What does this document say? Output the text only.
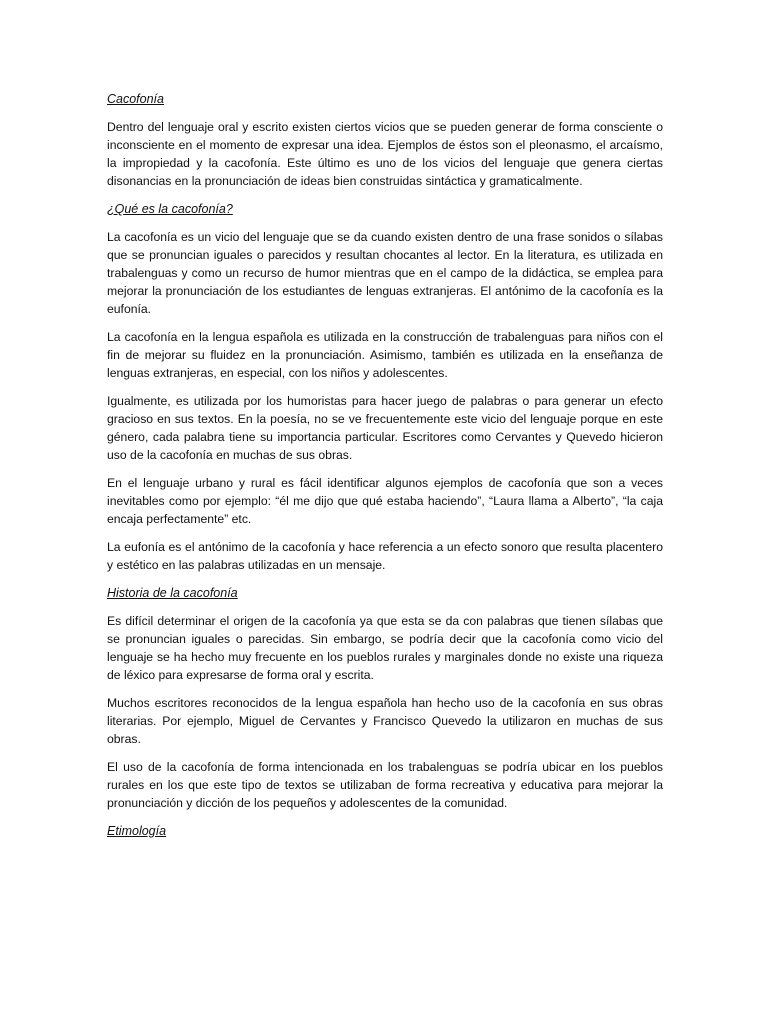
Cacofonía

Dentro del lenguaje oral y escrito existen ciertos vicios que se pueden generar de forma consciente o inconsciente en el momento de expresar una idea. Ejemplos de éstos son el pleonasmo, el arcaísmo, la impropiedad y la cacofonía. Este último es uno de los vicios del lenguaje que genera ciertas disonancias en la pronunciación de ideas bien construidas sintáctica y gramaticalmente.

¿Qué es la cacofonía?

La cacofonía es un vicio del lenguaje que se da cuando existen dentro de una frase sonidos o sílabas que se pronuncian iguales o parecidos y resultan chocantes al lector. En la literatura, es utilizada en trabalenguas y como un recurso de humor mientras que en el campo de la didáctica, se emplea para mejorar la pronunciación de los estudiantes de lenguas extranjeras. El antónimo de la cacofonía es la eufonía.

La cacofonía en la lengua española es utilizada en la construcción de trabalenguas para niños con el fin de mejorar su fluidez en la pronunciación. Asimismo, también es utilizada en la enseñanza de lenguas extranjeras, en especial, con los niños y adolescentes.

Igualmente, es utilizada por los humoristas para hacer juego de palabras o para generar un efecto gracioso en sus textos. En la poesía, no se ve frecuentemente este vicio del lenguaje porque en este género, cada palabra tiene su importancia particular. Escritores como Cervantes y Quevedo hicieron uso de la cacofonía en muchas de sus obras.

En el lenguaje urbano y rural es fácil identificar algunos ejemplos de cacofonía que son a veces inevitables como por ejemplo: “él me dijo que qué estaba haciendo”, “Laura llama a Alberto”, “la caja encaja perfectamente” etc.

La eufonía es el antónimo de la cacofonía y hace referencia a un efecto sonoro que resulta placentero y estético en las palabras utilizadas en un mensaje.

Historia de la cacofonía

Es difícil determinar el origen de la cacofonía ya que esta se da con palabras que tienen sílabas que se pronuncian iguales o parecidas. Sin embargo, se podría decir que la cacofonía como vicio del lenguaje se ha hecho muy frecuente en los pueblos rurales y marginales donde no existe una riqueza de léxico para expresarse de forma oral y escrita.

Muchos escritores reconocidos de la lengua española han hecho uso de la cacofonía en sus obras literarias. Por ejemplo, Miguel de Cervantes y Francisco Quevedo la utilizaron en muchas de sus obras.

El uso de la cacofonía de forma intencionada en los trabalenguas se podría ubicar en los pueblos rurales en los que este tipo de textos se utilizaban de forma recreativa y educativa para mejorar la pronunciación y dicción de los pequeños y adolescentes de la comunidad.

Etimología
